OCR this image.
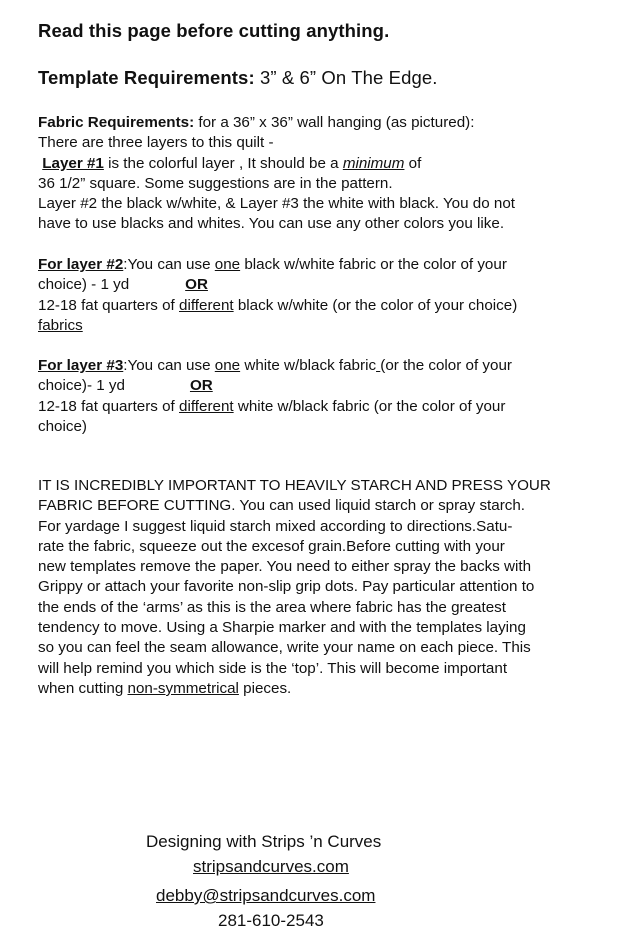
Read this page before cutting anything.
Template Requirements: 3” & 6” On The Edge.
Fabric Requirements: for a 36” x 36” wall hanging (as pictured):
There are three layers to this quilt -
Layer #1 is the colorful layer , It should be a minimum of
36 1/2” square. Some suggestions are in the pattern.
Layer #2 the black w/white, & Layer #3 the white with black. You do not
have to use blacks and whites. You can use any other colors you like.
For layer #2:You can use one black w/white fabric or the color of your
choice) - 1 yd	OR
12-18 fat quarters of different black w/white (or the color of your choice)
fabrics
For layer #3:You can use one white w/black fabric (or the color of your
choice)- 1 yd	OR
12-18 fat quarters of different white w/black fabric (or the color of your
choice)
IT IS INCREDIBLY IMPORTANT TO HEAVILY STARCH AND PRESS YOUR
FABRIC BEFORE CUTTING. You can used liquid starch or spray starch.
For yardage I suggest liquid starch mixed according to directions.Satu-
rate the fabric, squeeze out the excesof grain.Before cutting with your
new templates remove the paper. You need to either spray the backs with
Grippy or attach your favorite non-slip grip dots. Pay particular attention to
the ends of the ‘arms’ as this is the area where fabric has the greatest
tendency to move. Using a Sharpie marker and with the templates laying
so you can feel the seam allowance, write your name on each piece. This
will help remind you which side is the ‘top’. This will become important
when cutting non-symmetrical pieces.
Designing with Strips ’n Curves
stripsandcurves.com
debby@stripsandcurves.com
281-610-2543
